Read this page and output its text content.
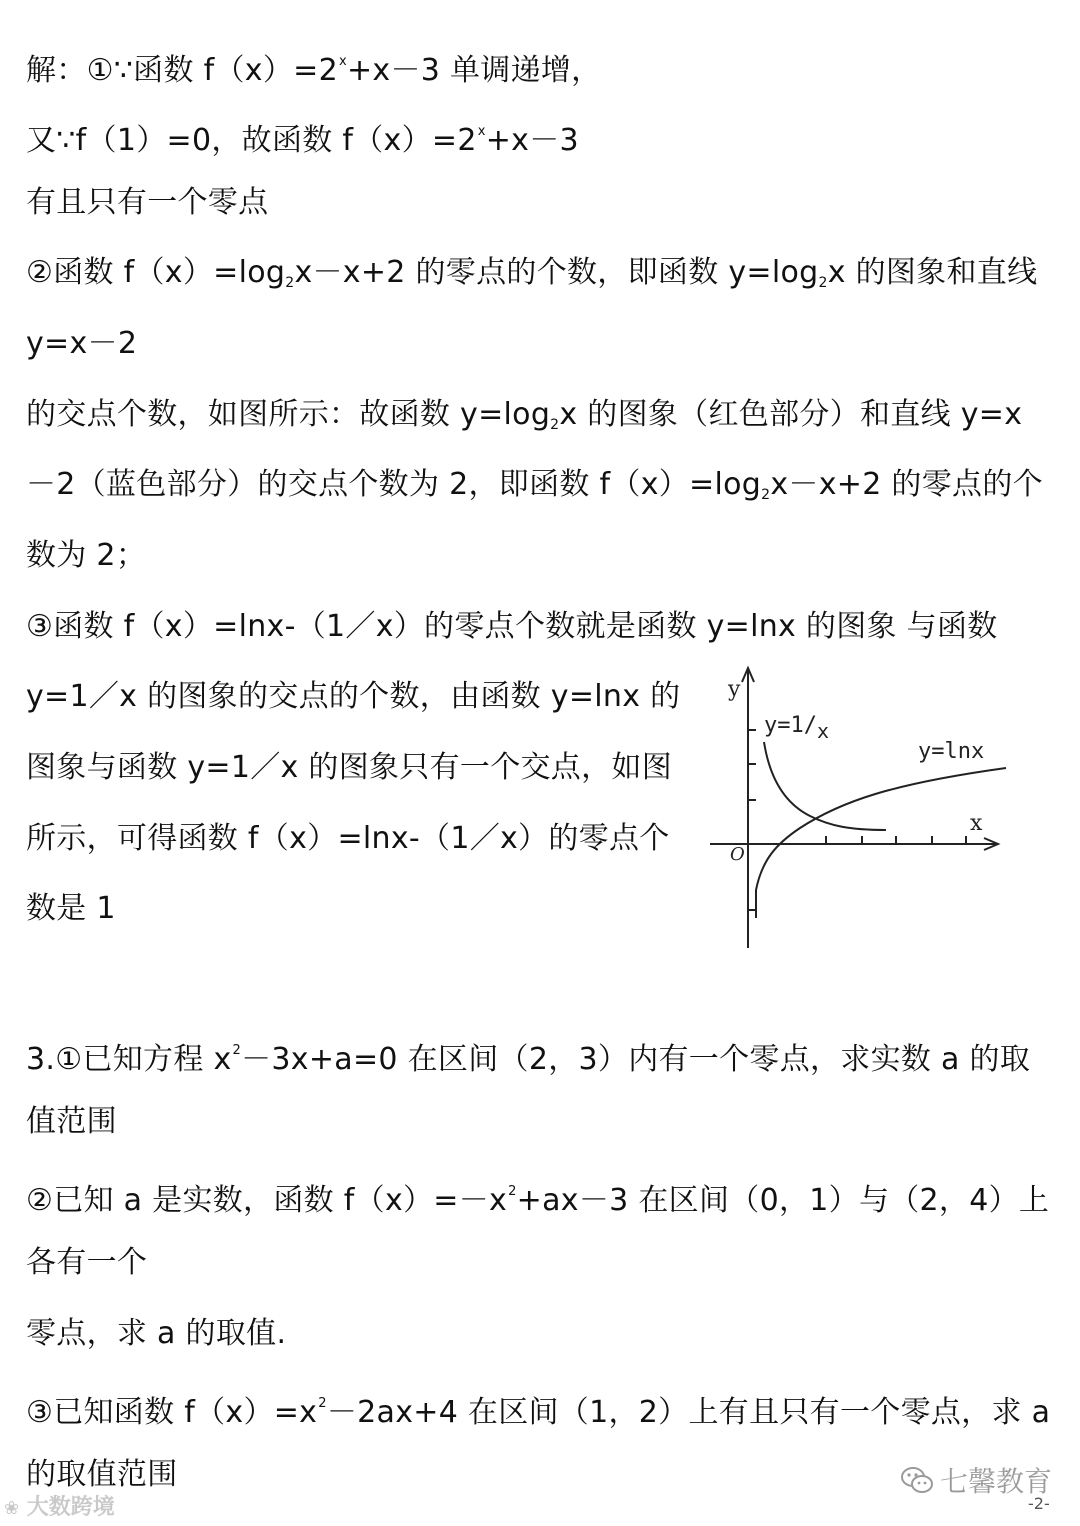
解：①∵函数 $f(x)=2^x+x-3$ 单调递增，
又∵f（1）=0，故函数 $f(x)=2^x+x-3$
有且只有一个零点
②函数 $f(x)=\log_2x-x+2$ 的零点的个数，即函数 $y=\log_2x$ 的图象和直线
y=x－2
的交点个数，如图所示：故函数 $y=\log_2x$ 的图象（红色部分）和直线 y=x
－2（蓝色部分）的交点个数为 2，即函数 $f(x)=\log_2x-x+2$ 的零点的个
数为 2；
③函数 f（x）=lnx-（1／x）的零点个数就是函数 y=lnx 的图象 与函数
y=1／x 的图象的交点的个数，由函数 y=lnx 的
图象与函数 y=1／x 的图象只有一个交点，如图
所示，可得函数 f（x）=lnx-（1／x）的零点个
数是 1
3.①已知方程 $x^2-3x+a=0$ 在区间（2，3）内有一个零点，求实数 a 的取
值范围
②已知 a 是实数，函数 $f(x)=-x^2+ax-3$ 在区间（0，1）与（2，4）上
各有一个
零点，求 a 的取值.
③已知函数 $f(x)=x^2-2ax+4$ 在区间（1，2）上有且只有一个零点，求 a
的取值范围
y
x
O
y=1/x
y=lnx
❀ 大数跨境
七馨教育
-2-
